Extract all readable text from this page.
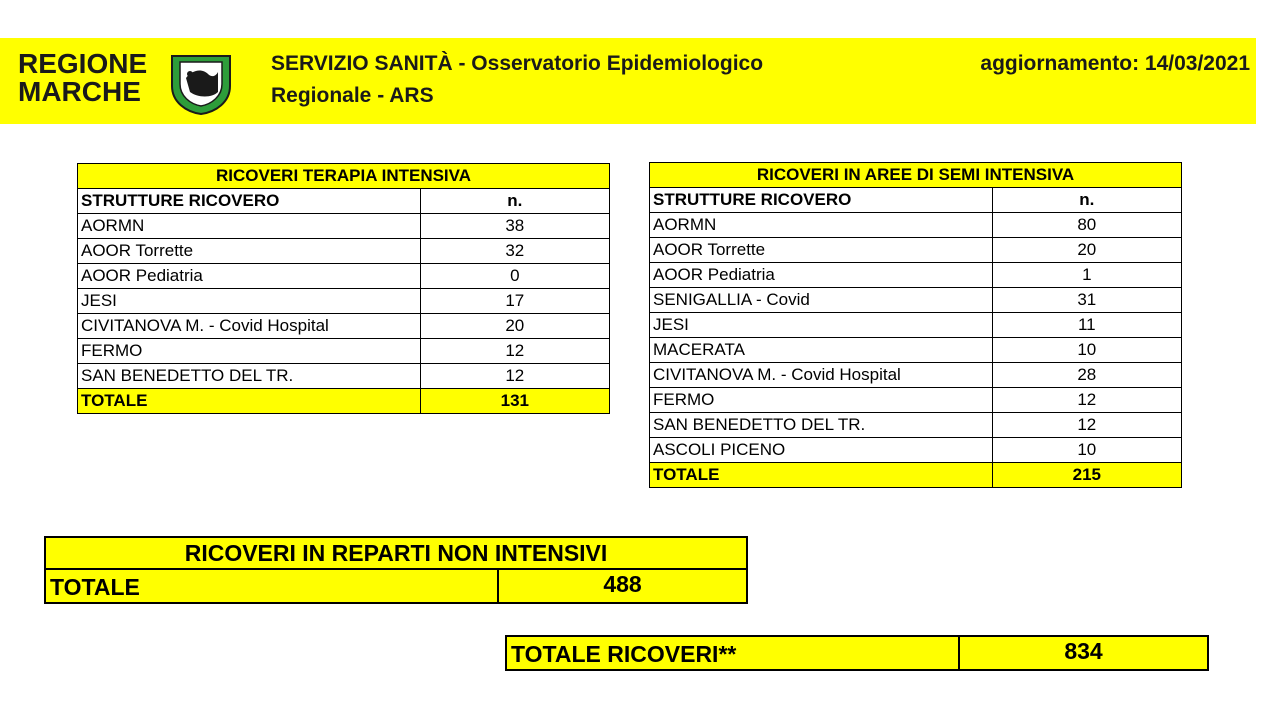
REGIONE
MARCHE
SERVIZIO SANITÀ - Osservatorio Epidemiologico
Regionale - ARS
aggiornamento: 14/03/2021
RICOVERI TERAPIA INTENSIVA	
STRUTTURE RICOVERO	n.
AORMN	38
AOOR Torrette	32
AOOR Pediatria	0
JESI	17
CIVITANOVA M. - Covid Hospital	20
FERMO	12
SAN BENEDETTO DEL TR.	12
TOTALE	131
RICOVERI IN AREE DI SEMI INTENSIVA	
STRUTTURE RICOVERO	n.
AORMN	80
AOOR Torrette	20
AOOR Pediatria	1
SENIGALLIA - Covid	31
JESI	11
MACERATA	10
CIVITANOVA M. - Covid Hospital	28
FERMO	12
SAN BENEDETTO DEL TR.	12
ASCOLI PICENO	10
TOTALE	215
RICOVERI IN REPARTI NON INTENSIVI
TOTALE	488
TOTALE RICOVERI**	834
